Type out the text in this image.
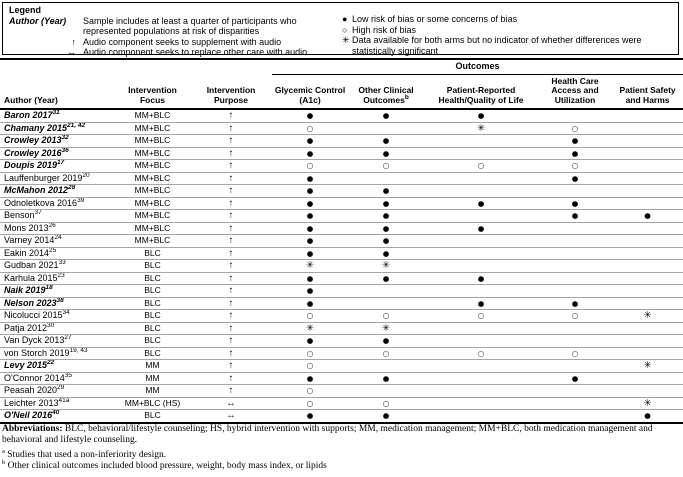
Legend
Author (Year)	Sample includes at least a quarter of participants who represented populations at risk of disparities
↑ Audio component seeks to supplement with audio
↔ Audio component seeks to replace other care with audio
● Low risk of bias or some concerns of bias
○ High risk of bias
✳ Data available for both arms but no indicator of whether differences were statistically significant
			Outcomes				
Author (Year)	Intervention Focus	Intervention Purpose	Glycemic Control (A1c)	Other Clinical Outcomes$^b$	Patient-Reported Health/Quality of Life	Health Care Access and Utilization	Patient Safety and Harms
Baron 2017$^{31}$	MM+BLC	↑	●	●	●		
Chamany 2015$^{21, 42}$	MM+BLC	↑	○		✳	○	
Crowley 2013$^{32}$	MM+BLC	↑	●	●		●	
Crowley 2016$^{36}$	MM+BLC	↑	●	●		●	
Doupis 2019$^{17}$	MM+BLC	↑	○	○	○	○	
Lauffenburger 2019$^{20}$	MM+BLC	↑	●			●	
McMahon 2012$^{28}$	MM+BLC	↑	●	●			
Odnoletkova 2016$^{39}$	MM+BLC	↑	●	●	●	●	
Benson$^{37}$	MM+BLC	↑	●	●		●	●
Mons 2013$^{26}$	MM+BLC	↑	●	●	●		
Varney 2014$^{24}$	MM+BLC	↑	●	●			
Eakin 2014$^{25}$	BLC	↑	●	●			
Gudban 2021$^{33}$	BLC	↑	✳	✳			
Karhula 2015$^{23}$	BLC	↑	●	●	●		
Naik 2019$^{18}$	BLC	↑	●				
Nelson 2023$^{38}$	BLC	↑	●		●	●	
Nicolucci 2015$^{34}$	BLC	↑	○	○	○	○	✳
Patja 2012$^{30}$	BLC	↑	✳	✳			
Van Dyck 2013$^{27}$	BLC	↑	●	●			
von Storch 2019$^{19, 43}$	BLC	↑	○	○	○	○	
Levy 2015$^{22}$	MM	↑	○				✳
O'Connor 2014$^{35}$	MM	↑	●	●		●	
Peasah 2020$^{29}$	MM	↑	○				
Leichter $2013^{41a}$	MM+BLC (HS)	↔	○	○			✳
O'Neil 2016$^{40}$	BLC	↔	●	●			●
Abbreviations: BLC, behavioral/lifestyle counseling; HS, hybrid intervention with supports; MM, medication management; MM+BLC, both medication management and behavioral and lifestyle counseling.
$^a$ Studies that used a non-inferiority design.
$^b$ Other clinical outcomes included blood pressure, weight, body mass index, or lipids
